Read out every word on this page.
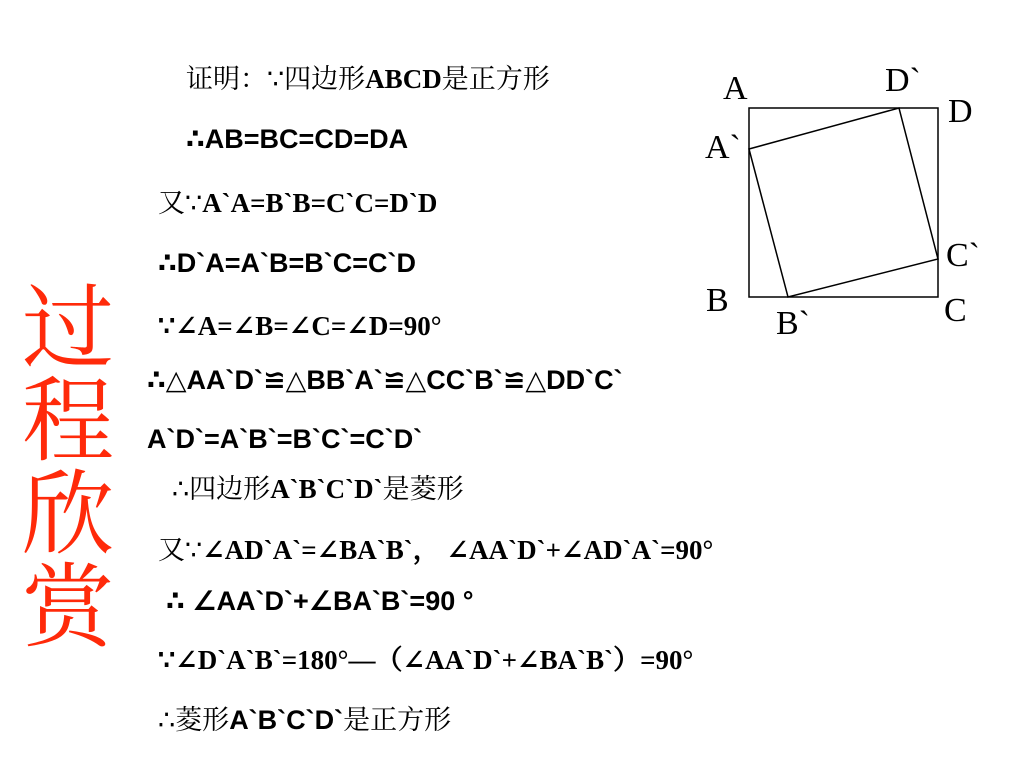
过
程
欣
赏
证明：∵四边形ABCD是正方形
∴AB=BC=CD=DA
又∵A`A=B`B=C`C=D`D
∴D`A=A`B=B`C=C`D
∵∠A=∠B=∠C=∠D=90°
∴△AA`D`≌△BB`A`≌△CC`B`≌△DD`C`
A`D`=A`B`=B`C`=C`D`
∴四边形A`B`C`D`是菱形
又∵∠AD`A`=∠BA`B`， ∠AA`D`+∠AD`A`=90°
∴ ∠AA`D`+∠BA`B`=90 °
∵∠D`A`B`=180°—（∠AA`D`+∠BA`B`）=90°
∴菱形A`B`C`D`是正方形
A	D`
D
A`
C`
B	C
B`
